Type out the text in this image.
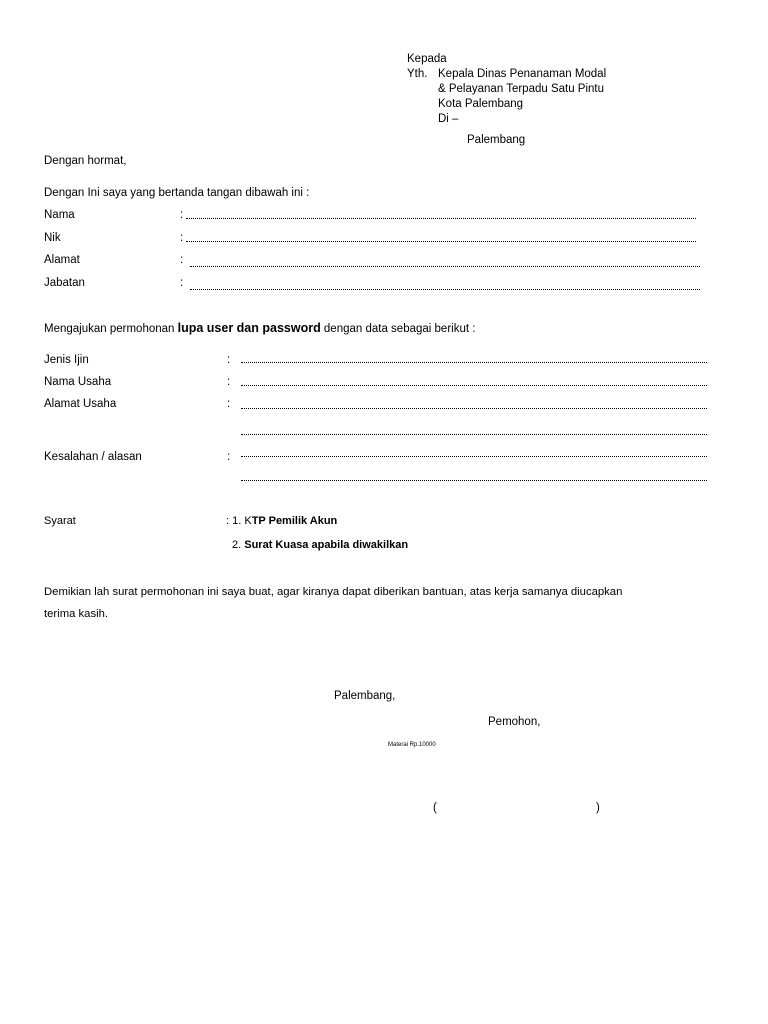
Kepada
Yth. Kepala Dinas Penanaman Modal
& Pelayanan Terpadu Satu Pintu
Kota Palembang
Di –
Palembang
Dengan hormat,
Dengan Ini saya yang bertanda tangan dibawah ini :
Nama	:
Nik	:
Alamat	:
Jabatan	:
Mengajukan permohonan lupa user dan password dengan data sebagai berikut :
Jenis Ijin	:
Nama Usaha	:
Alamat Usaha	:
Kesalahan / alasan	:
Syarat	: 1. KTP Pemilik Akun
2. Surat Kuasa apabila diwakilkan
Demikian lah surat permohonan ini saya buat, agar kiranya dapat diberikan bantuan, atas kerja samanya diucapkan
terima kasih.
Palembang,
Pemohon,
Materai Rp.10000
(	)
